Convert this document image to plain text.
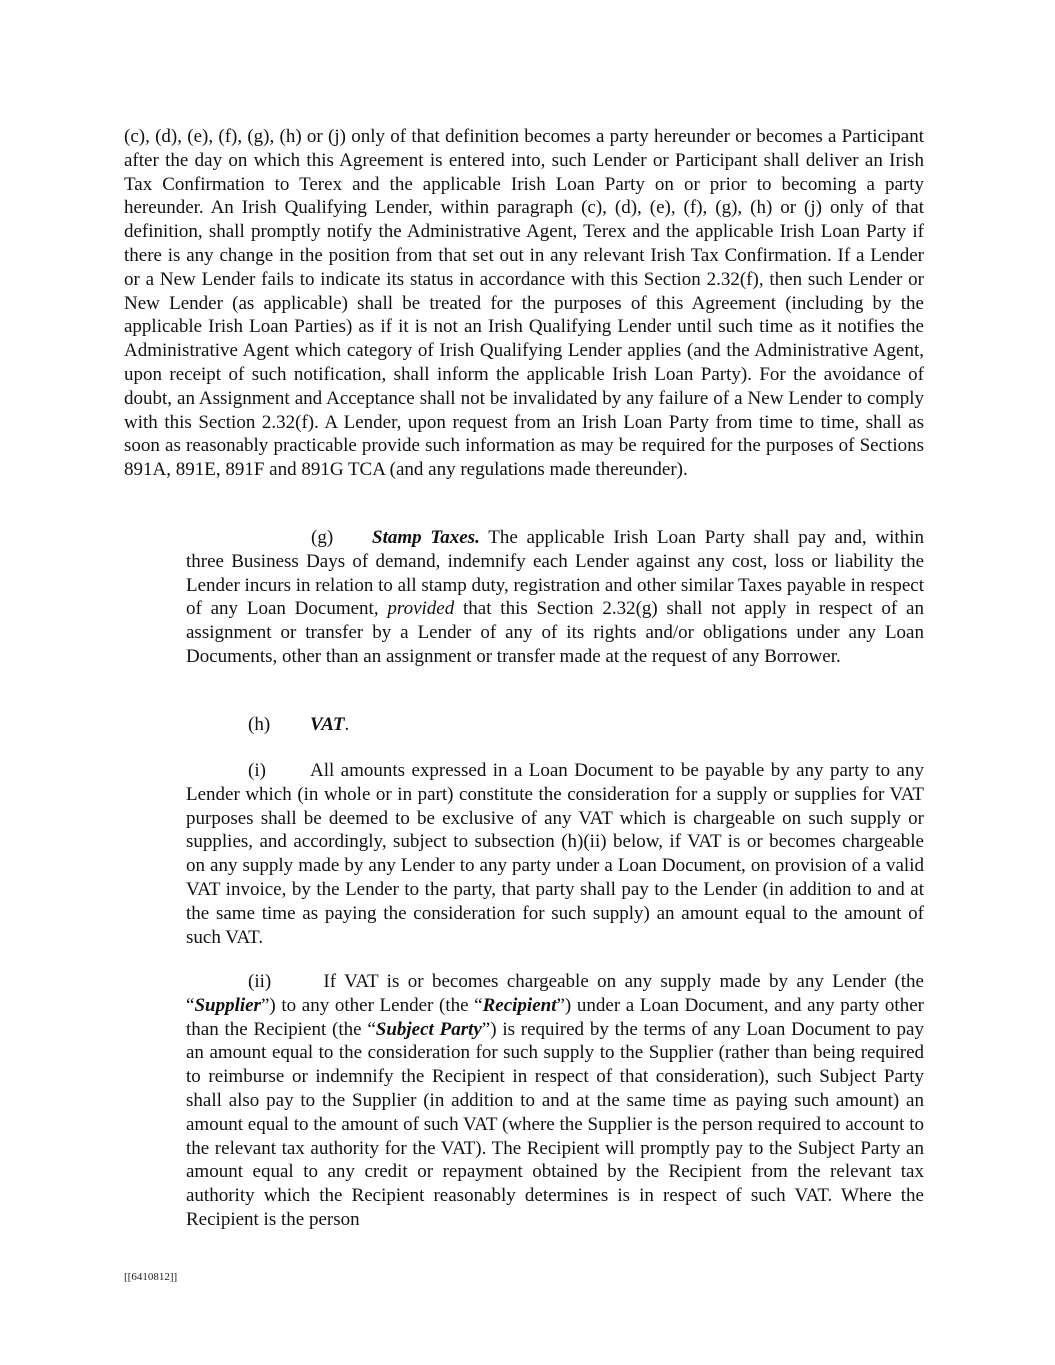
(c), (d), (e), (f), (g), (h) or (j) only of that definition becomes a party hereunder or becomes a Participant after the day on which this Agreement is entered into, such Lender or Participant shall deliver an Irish Tax Confirmation to Terex and the applicable Irish Loan Party on or prior to becoming a party hereunder. An Irish Qualifying Lender, within paragraph (c), (d), (e), (f), (g), (h) or (j) only of that definition, shall promptly notify the Administrative Agent, Terex and the applicable Irish Loan Party if there is any change in the position from that set out in any relevant Irish Tax Confirmation. If a Lender or a New Lender fails to indicate its status in accordance with this Section 2.32(f), then such Lender or New Lender (as applicable) shall be treated for the purposes of this Agreement (including by the applicable Irish Loan Parties) as if it is not an Irish Qualifying Lender until such time as it notifies the Administrative Agent which category of Irish Qualifying Lender applies (and the Administrative Agent, upon receipt of such notification, shall inform the applicable Irish Loan Party). For the avoidance of doubt, an Assignment and Acceptance shall not be invalidated by any failure of a New Lender to comply with this Section 2.32(f). A Lender, upon request from an Irish Loan Party from time to time, shall as soon as reasonably practicable provide such information as may be required for the purposes of Sections 891A, 891E, 891F and 891G TCA (and any regulations made thereunder).

(g) Stamp Taxes. The applicable Irish Loan Party shall pay and, within three Business Days of demand, indemnify each Lender against any cost, loss or liability the Lender incurs in relation to all stamp duty, registration and other similar Taxes payable in respect of any Loan Document, provided that this Section 2.32(g) shall not apply in respect of an assignment or transfer by a Lender of any of its rights and/or obligations under any Loan Documents, other than an assignment or transfer made at the request of any Borrower.

(h) VAT.

(i) All amounts expressed in a Loan Document to be payable by any party to any Lender which (in whole or in part) constitute the consideration for a supply or supplies for VAT purposes shall be deemed to be exclusive of any VAT which is chargeable on such supply or supplies, and accordingly, subject to subsection (h)(ii) below, if VAT is or becomes chargeable on any supply made by any Lender to any party under a Loan Document, on provision of a valid VAT invoice, by the Lender to the party, that party shall pay to the Lender (in addition to and at the same time as paying the consideration for such supply) an amount equal to the amount of such VAT.

(ii) If VAT is or becomes chargeable on any supply made by any Lender (the “Supplier”) to any other Lender (the “Recipient”) under a Loan Document, and any party other than the Recipient (the “Subject Party”) is required by the terms of any Loan Document to pay an amount equal to the consideration for such supply to the Supplier (rather than being required to reimburse or indemnify the Recipient in respect of that consideration), such Subject Party shall also pay to the Supplier (in addition to and at the same time as paying such amount) an amount equal to the amount of such VAT (where the Supplier is the person required to account to the relevant tax authority for the VAT). The Recipient will promptly pay to the Subject Party an amount equal to any credit or repayment obtained by the Recipient from the relevant tax authority which the Recipient reasonably determines is in respect of such VAT. Where the Recipient is the person

[[6410812]]
